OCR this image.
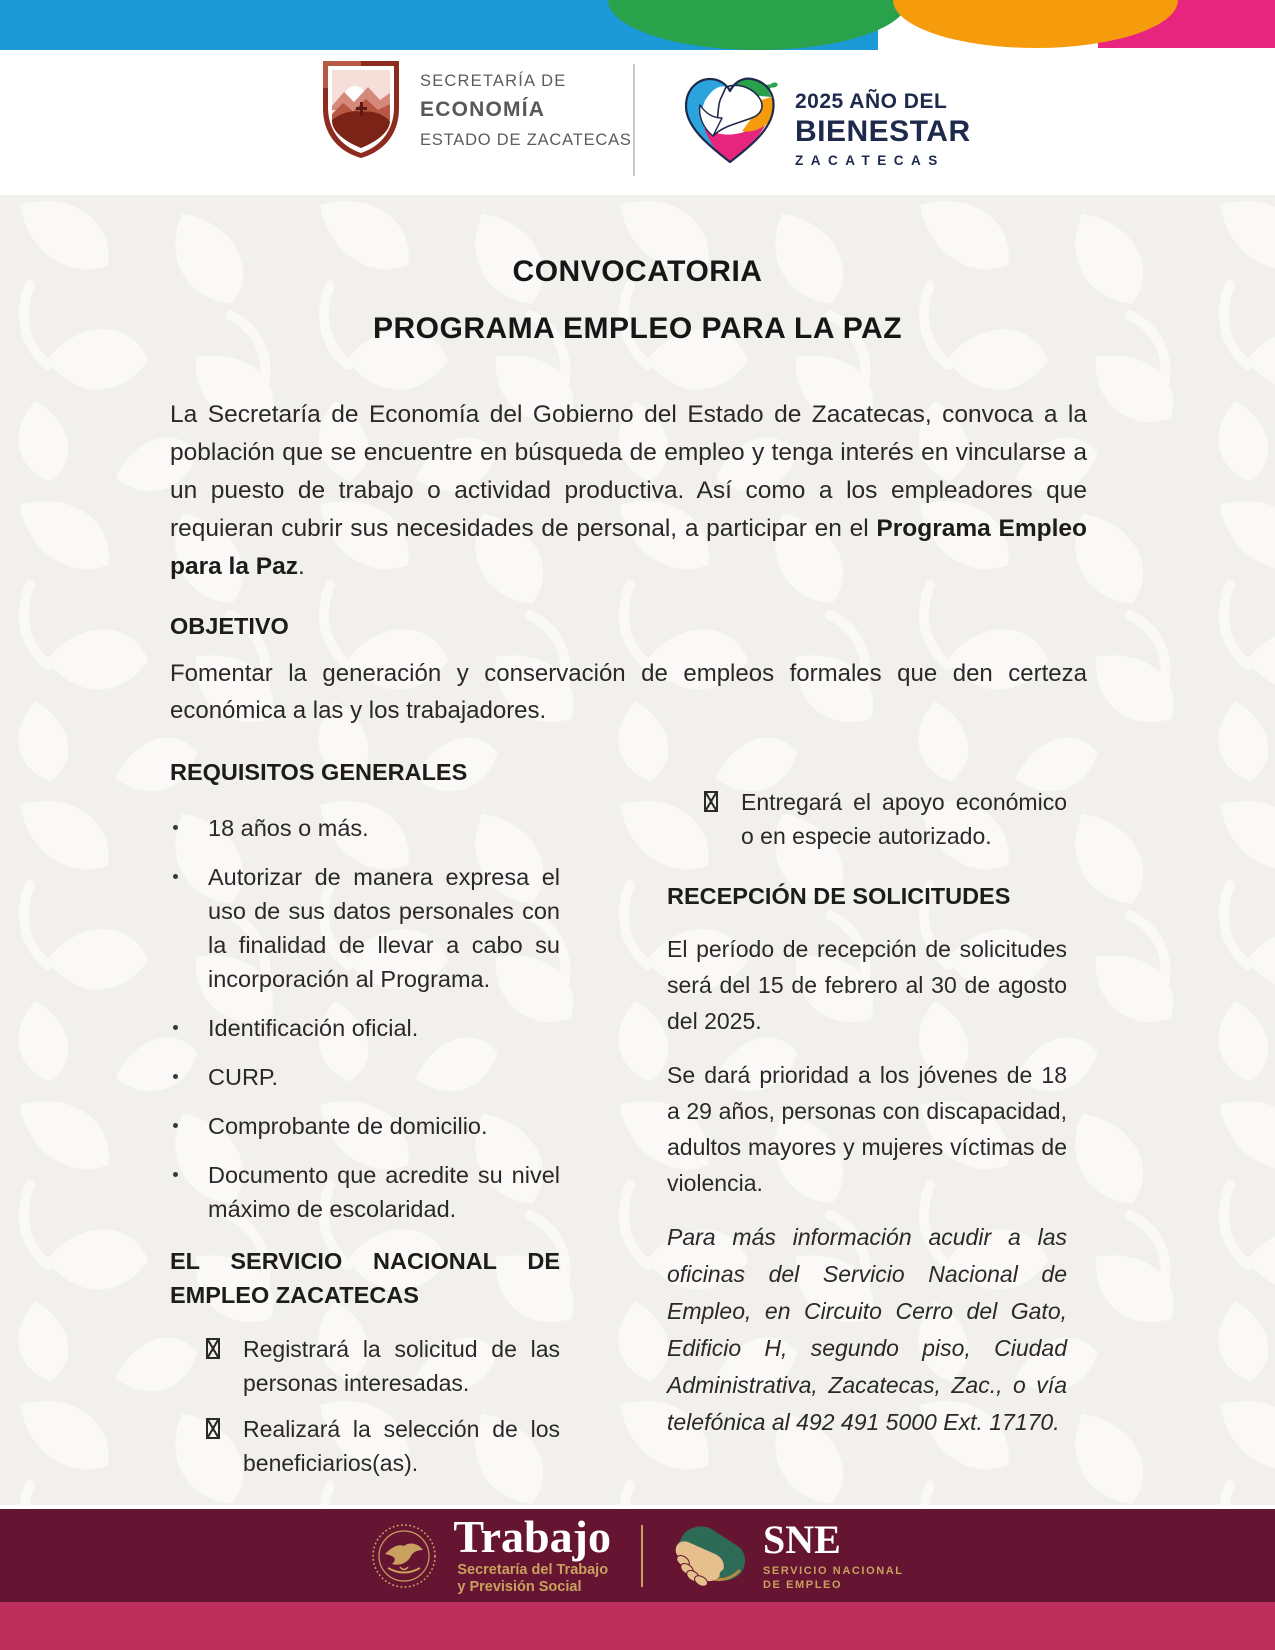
SECRETARÍA DE
ECONOMÍA
ESTADO DE ZACATECAS
2025 AÑO DEL
BIENESTAR
ZACATECAS
CONVOCATORIA
PROGRAMA EMPLEO PARA LA PAZ

La Secretaría de Economía del Gobierno del Estado de Zacatecas, convoca a la población que se encuentre en búsqueda de empleo y tenga interés en vincularse a un puesto de trabajo o actividad productiva. Así como a los empleadores que requieran cubrir sus necesidades de personal, a participar en el Programa Empleo para la Paz.

OBJETIVO

Fomentar la generación y conservación de empleos formales que den certeza económica a las y los trabajadores.

REQUISITOS GENERALES
18 años o más.
Autorizar de manera expresa el uso de sus datos personales con la finalidad de llevar a cabo su incorporación al Programa.
Identificación oficial.
CURP.
Comprobante de domicilio.
Documento que acredite su nivel máximo de escolaridad.
EL SERVICIO NACIONAL DE EMPLEO ZACATECAS
Registrará la solicitud de las personas interesadas.
Realizará la selección de los beneficiarios(as).
Entregará el apoyo económico o en especie autorizado.
RECEPCIÓN DE SOLICITUDES

El período de recepción de solicitudes será del 15 de febrero al 30 de agosto del 2025.

Se dará prioridad a los jóvenes de 18 a 29 años, personas con discapacidad, adultos mayores y mujeres víctimas de violencia.

Para más información acudir a las oficinas del Servicio Nacional de Empleo, en Circuito Cerro del Gato, Edificio H, segundo piso, Ciudad Administrativa, Zacatecas, Zac., o vía telefónica al 492 491 5000 Ext. 17170.

Trabajo
Secretaría del Trabajo
y Previsión Social
SNE
SERVICIO NACIONAL
DE EMPLEO
